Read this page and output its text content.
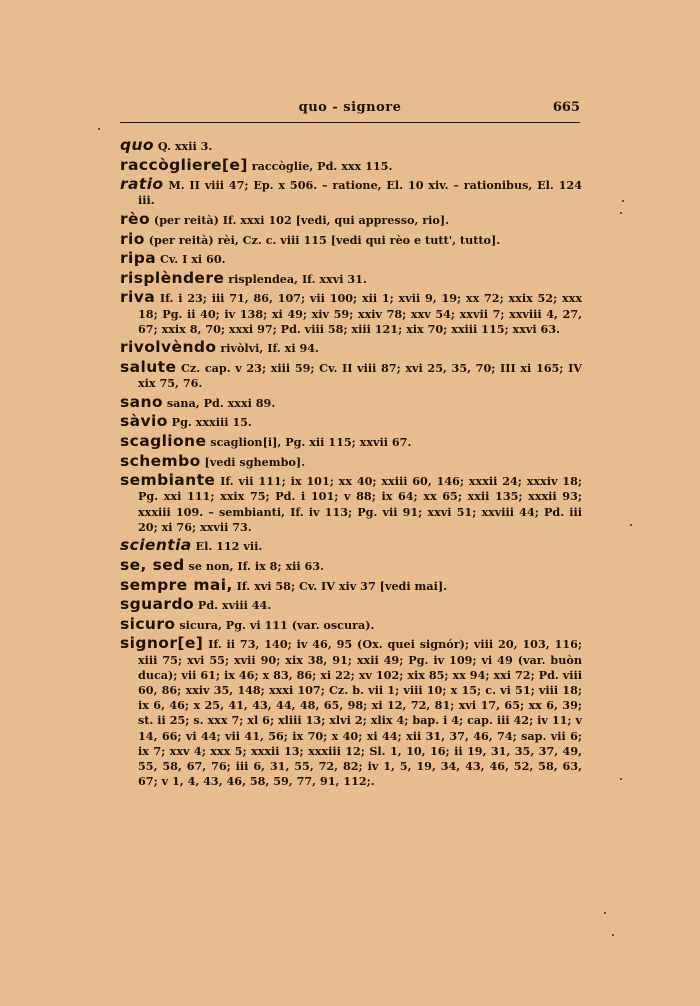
quo - signore	665

quo Q. xxii 3.

raccògliere[e] raccòglie, Pd. xxx 115.

ratio M. II viii 47; Ep. x 506. – ratione, El. 10 xiv. – rationibus, El. 124 iii.

rèo (per reità) If. xxxi 102 [vedi, qui appresso, rio].

rio (per reità) rèi, Cz. c. viii 115 [vedi qui rèo e tutt', tutto].

ripa Cv. I xi 60.

risplèndere risplendea, If. xxvi 31.

riva If. i 23; iii 71, 86, 107; vii 100; xii 1; xvii 9, 19; xx 72; xxix 52; xxx 18; Pg. ii 40; iv 138; xi 49; xiv 59; xxiv 78; xxv 54; xxvii 7; xxviii 4, 27, 67; xxix 8, 70; xxxi 97; Pd. viii 58; xiii 121; xix 70; xxiii 115; xxvi 63.

rivolvèndo rivòlvi, If. xi 94.

salute Cz. cap. v 23; xiii 59; Cv. II viii 87; xvi 25, 35, 70; III xi 165; IV xix 75, 76.

sano sana, Pd. xxxi 89.

sàvio Pg. xxxiii 15.

scaglione scaglion[i], Pg. xii 115; xxvii 67.

schembo [vedi sghembo].

sembiante If. vii 111; ix 101; xx 40; xxiii 60, 146; xxxii 24; xxxiv 18; Pg. xxi 111; xxix 75; Pd. i 101; v 88; ix 64; xx 65; xxii 135; xxxii 93; xxxiii 109. – sembianti, If. iv 113; Pg. vii 91; xxvi 51; xxviii 44; Pd. iii 20; xi 76; xxvii 73.

scientia El. 112 vii.

se, sed se non, If. ix 8; xii 63.

sempre mai, If. xvi 58; Cv. IV xiv 37 [vedi mai].

sguardo Pd. xviii 44.

sicuro sicura, Pg. vi 111 (var. oscura).

signor[e] If. ii 73, 140; iv 46, 95 (Ox. quei signór); viii 20, 103, 116; xiii 75; xvi 55; xvii 90; xix 38, 91; xxii 49; Pg. iv 109; vi 49 (var. buòn duca); vii 61; ix 46; x 83, 86; xi 22; xv 102; xix 85; xx 94; xxi 72; Pd. viii 60, 86; xxiv 35, 148; xxxi 107; Cz. b. vii 1; viii 10; x 15; c. vi 51; viii 18; ix 6, 46; x 25, 41, 43, 44, 48, 65, 98; xi 12, 72, 81; xvi 17, 65; xx 6, 39; st. ii 25; s. xxx 7; xl 6; xliii 13; xlvi 2; xlix 4; bap. i 4; cap. iii 42; iv 11; v 14, 66; vi 44; vii 41, 56; ix 70; x 40; xi 44; xii 31, 37, 46, 74; sap. vii 6; ix 7; xxv 4; xxx 5; xxxii 13; xxxiii 12; Sl. 1, 10, 16; ii 19, 31, 35, 37, 49, 55, 58, 67, 76; iii 6, 31, 55, 72, 82; iv 1, 5, 19, 34, 43, 46, 52, 58, 63, 67; v 1, 4, 43, 46, 58, 59, 77, 91, 112;.
